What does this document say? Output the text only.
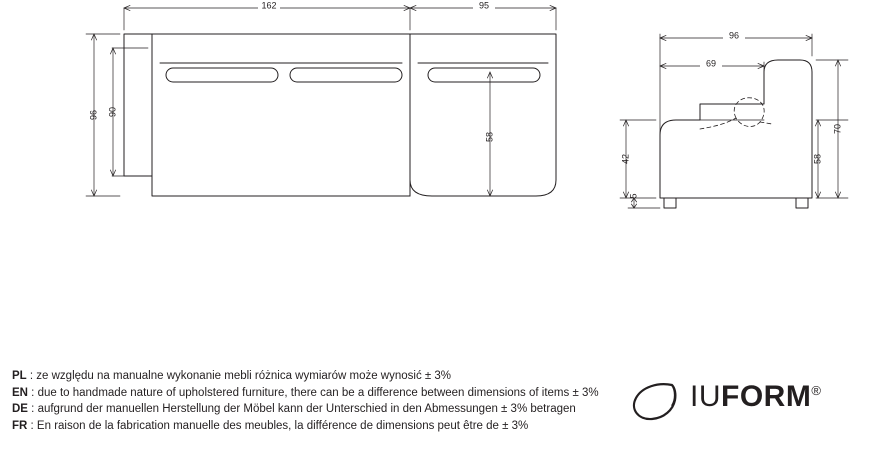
162	95
96 90
58
96
69
42
5
58
70
PL : ze względu na manualne wykonanie mebli różnica wymiarów może wynosić ± 3%
EN : due to handmade nature of upholstered furniture, there can be a difference between dimensions of items ± 3%
DE : aufgrund der manuellen Herstellung der Möbel kann der Unterschied in den Abmessungen ± 3% betragen
FR : En raison de la fabrication manuelle des meubles, la différence de dimensions peut être de ± 3%
IUFORM®
